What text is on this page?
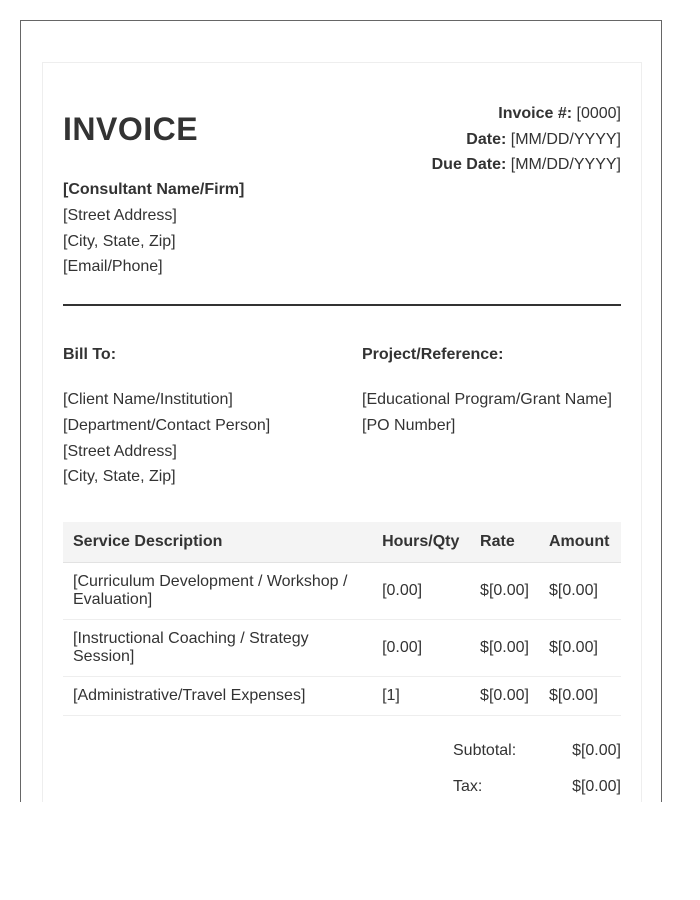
INVOICE	Invoice #: [0000]
Date: [MM/DD/YYYY]
Due Date: [MM/DD/YYYY]
[Consultant Name/Firm]
[Street Address]
[City, State, Zip]
[Email/Phone]
Bill To:
[Client Name/Institution]
[Department/Contact Person]
[Street Address]
[City, State, Zip]
Project/Reference:
[Educational Program/Grant Name]
[PO Number]
Service Description	Hours/Qty	Rate	Amount

[Curriculum Development / Workshop /
Evaluation]	[0.00]	$[0.00]	$[0.00]

[Instructional Coaching / Strategy
Session]	[0.00]	$[0.00]	$[0.00]
[Administrative/Travel Expenses]	[1]	$[0.00]	$[0.00]
Subtotal:	$[0.00]
Tax:	$[0.00]
